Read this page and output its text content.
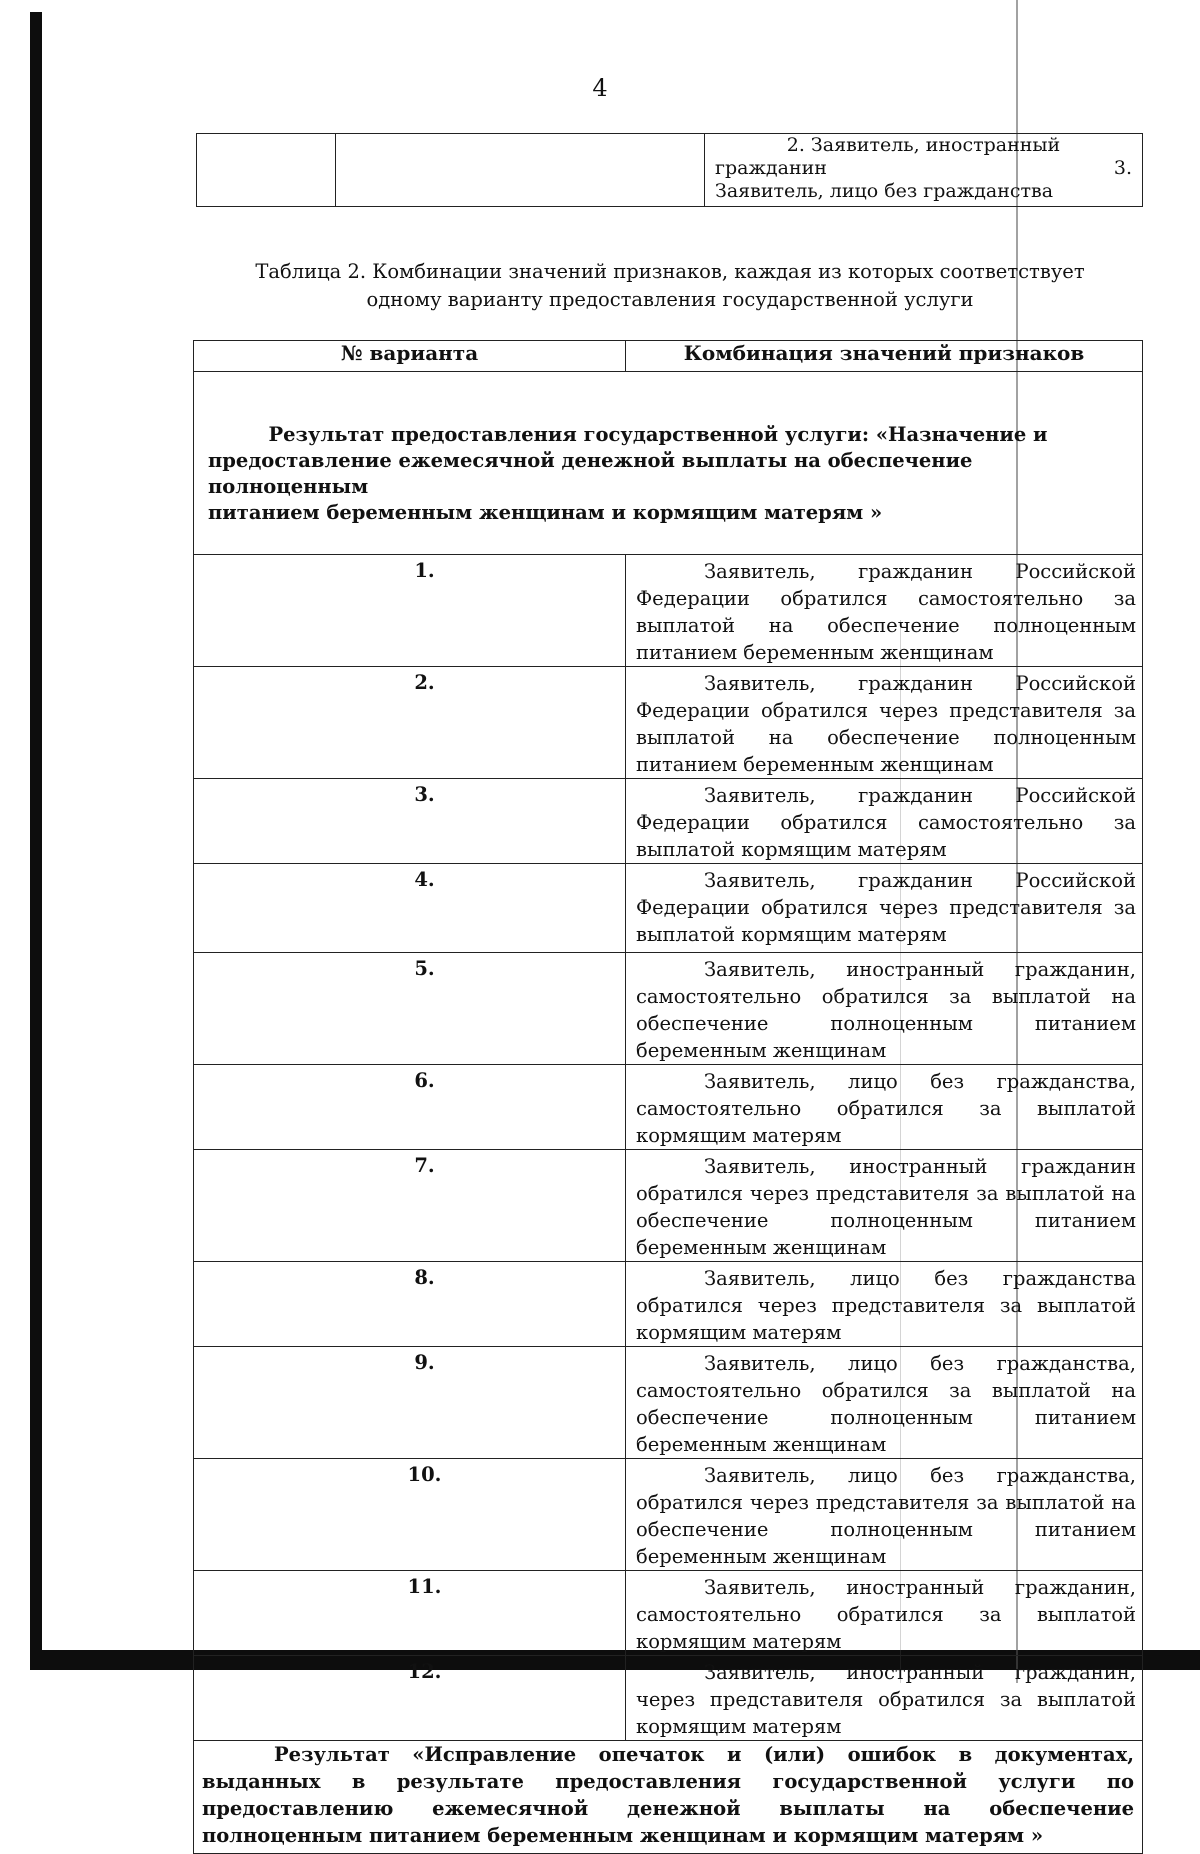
4

2. Заявитель, иностранный
гражданин 3.
Заявитель, лицо без гражданства
Таблица 2. Комбинации значений признаков, каждая из которых соответствует
одному варианту предоставления государственной услуги
№ варианта	Комбинация значений признаков

Результат предоставления государственной услуги: «Назначение и
предоставление ежемесячной денежной выплаты на обеспечение полноценным
питанием беременным женщинам и кормящим матерям »	

1.	Заявитель, гражданин Российской Федерации обратился самостоятельно за выплатой на обеспечение полноценным питанием беременным женщинам
2.	Заявитель, гражданин Российской Федерации обратился через представителя за выплатой на обеспечение полноценным питанием беременным женщинам
3.	Заявитель, гражданин Российской Федерации обратился самостоятельно за выплатой кормящим матерям
4.	Заявитель, гражданин Российской Федерации обратился через представителя за выплатой кормящим матерям
5.	Заявитель, иностранный гражданин, самостоятельно обратился за выплатой на обеспечение полноценным питанием беременным женщинам
6.	Заявитель, лицо без гражданства, самостоятельно обратился за выплатой кормящим матерям
7.	Заявитель, иностранный гражданин обратился через представителя за выплатой на обеспечение полноценным питанием беременным женщинам
8.	Заявитель, лицо без гражданства обратился через представителя за выплатой кормящим матерям
9.	Заявитель, лицо без гражданства, самостоятельно обратился за выплатой на обеспечение полноценным питанием беременным женщинам
10.	Заявитель, лицо без гражданства, обратился через представителя за выплатой на обеспечение полноценным питанием беременным женщинам
11.	Заявитель, иностранный гражданин, самостоятельно обратился за выплатой кормящим матерям
12.	Заявитель, иностранный гражданин, через представителя обратился за выплатой кормящим матерям
Результат «Исправление опечаток и (или) ошибок в документах, выданных в результате предоставления государственной услуги по предоставлению ежемесячной денежной выплаты на обеспечение полноценным питанием беременным женщинам и кормящим матерям »	
